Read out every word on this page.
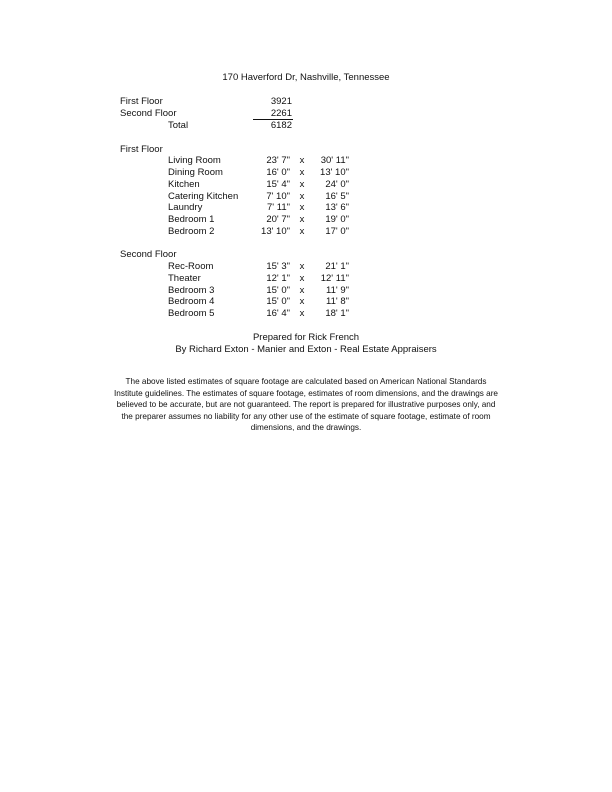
170 Haverford Dr, Nashville, Tennessee
First Floor	3921
Second Floor	2261
Total	6182
First Floor
Living Room	23' 7"	x	30' 11"
Dining Room	16' 0"	x	13' 10"
Kitchen	15' 4"	x	24' 0"
Catering Kitchen	7' 10"	x	16' 5"
Laundry	7' 11"	x	13' 6"
Bedroom 1	20' 7"	x	19' 0"
Bedroom 2	13' 10"	x	17' 0"
Second Floor
Rec-Room	15' 3"	x	21' 1"
Theater	12' 1"	x	12' 11"
Bedroom 3	15' 0"	x	11' 9"
Bedroom 4	15' 0"	x	11' 8"
Bedroom 5	16' 4"	x	18' 1"
Prepared for Rick French
By Richard Exton - Manier and Exton - Real Estate Appraisers
The above listed estimates of square footage are calculated based on American National Standards Institute guidelines. The estimates of square footage, estimates of room dimensions, and the drawings are believed to be accurate, but are not guaranteed. The report is prepared for illustrative purposes only, and the preparer assumes no liability for any other use of the estimate of square footage, estimate of room dimensions, and the drawings.
